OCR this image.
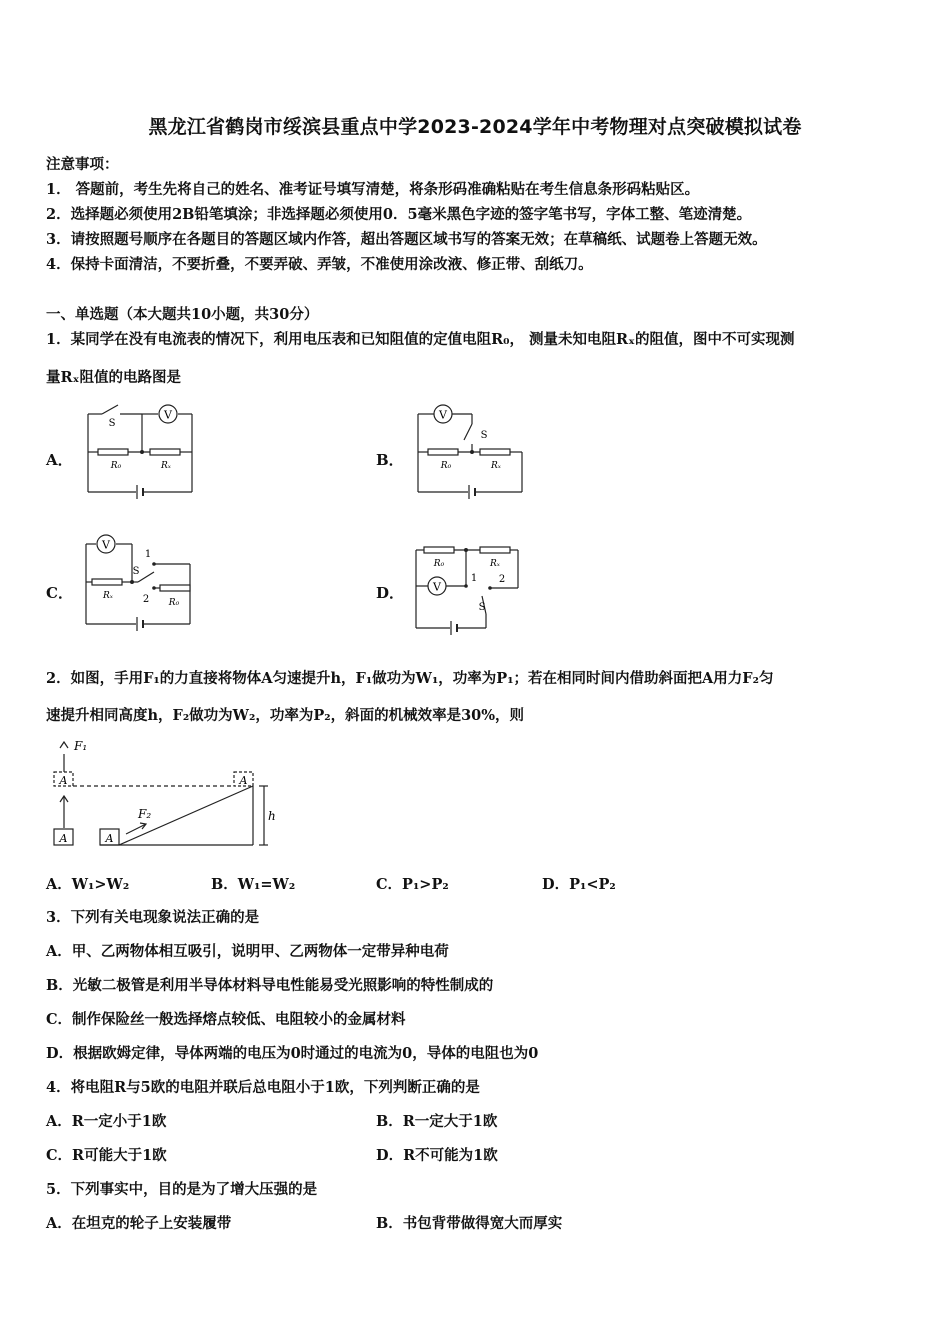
黑龙江省鹤岗市绥滨县重点中学2023-2024学年中考物理对点突破模拟试卷
注意事项：
1． 答题前，考生先将自己的姓名、准考证号填写清楚，将条形码准确粘贴在考生信息条形码粘贴区。
2．选择题必须使用2B铅笔填涂；非选择题必须使用0．5毫米黑色字迹的签字笔书写，字体工整、笔迹清楚。
3．请按照题号顺序在各题目的答题区域内作答，超出答题区域书写的答案无效；在草稿纸、试题卷上答题无效。
4．保持卡面清洁，不要折叠，不要弄破、弄皱，不准使用涂改液、修正带、刮纸刀。
一、单选题（本大题共10小题，共30分）
1．某同学在没有电流表的情况下，利用电压表和已知阻值的定值电阻R₀， 测量未知电阻Rₓ的阻值，图中不可实现测
量Rₓ阻值的电路图是
A．	B．
C．	D．
V
S
R₀	Rₓ
V
S
R₀	Rₓ
V
1
S
2
Rₓ
R₀
V
R₀	Rₓ
1 2
S
2．如图，手用F₁的力直接将物体A匀速提升h，F₁做功为W₁，功率为P₁；若在相同时间内借助斜面把A用力F₂匀
速提升相同高度h，F₂做功为W₂，功率为P₂，斜面的机械效率是30%，则
F₁
F₂
A	A
A	A
h
A．W₁>W₂	B．W₁=W₂	C．P₁>P₂	D．P₁<P₂
3．下列有关电现象说法正确的是
A．甲、乙两物体相互吸引，说明甲、乙两物体一定带异种电荷
B．光敏二极管是利用半导体材料导电性能易受光照影响的特性制成的
C．制作保险丝一般选择熔点较低、电阻较小的金属材料
D．根据欧姆定律，导体两端的电压为0时通过的电流为0，导体的电阻也为0
4．将电阻R与5欧的电阻并联后总电阻小于1欧，下列判断正确的是
A．R一定小于1欧	B．R一定大于1欧
C．R可能大于1欧	D．R不可能为1欧
5．下列事实中，目的是为了增大压强的是
A．在坦克的轮子上安装履带	B．书包背带做得宽大而厚实
